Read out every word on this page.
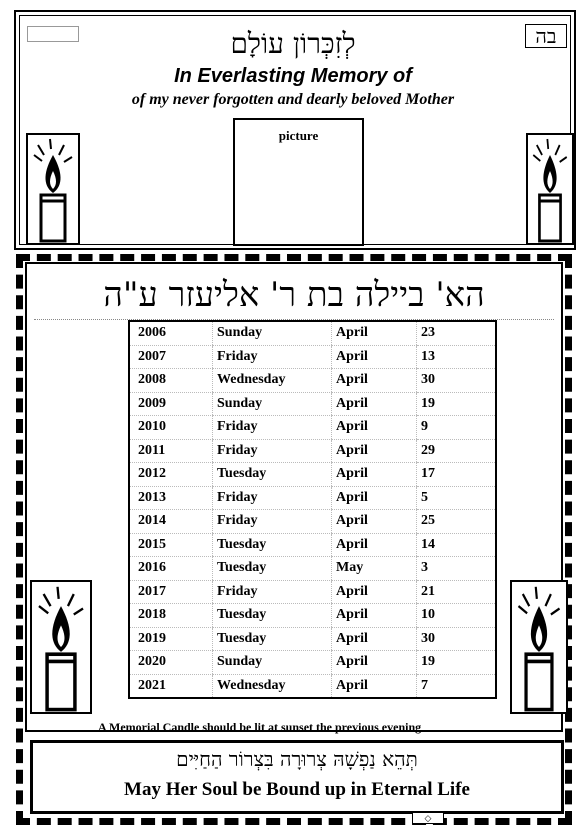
בה
לְזִכְּרוֹן עוֹלָם
In Everlasting Memory of
of my never forgotten and dearly beloved Mother
picture
הא' ביילה בת ר' אליעזר ע"ה
2006	Sunday	April	23
2007	Friday	April	13
2008	Wednesday	April	30
2009	Sunday	April	19
2010	Friday	April	9
2011	Friday	April	29
2012	Tuesday	April	17
2013	Friday	April	5
2014	Friday	April	25
2015	Tuesday	April	14
2016	Tuesday	May	3
2017	Friday	April	21
2018	Tuesday	April	10
2019	Tuesday	April	30
2020	Sunday	April	19
2021	Wednesday	April	7
A Memorial Candle should be lit at sunset the previous evening
תְּהֵא נַפְשָׁהּ צְרוּרָה בִּצְרוֹר הַחַיִּים
May Her Soul be Bound up in Eternal Life
◇
